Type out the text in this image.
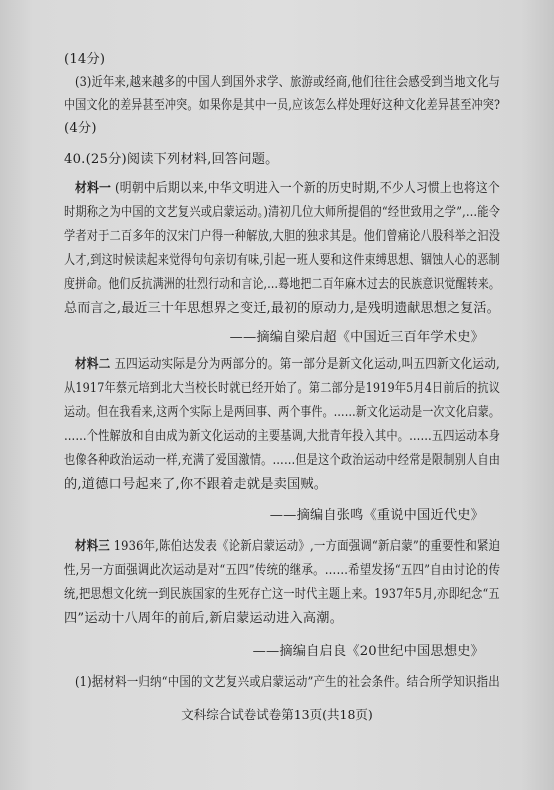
(14分)
(3)近年来,越来越多的中国人到国外求学、旅游或经商,他们往往会感受到当地文化与
中国文化的差异甚至冲突。如果你是其中一员,应该怎么样处理好这种文化差异甚至冲突?
(4分)
40.(25分)阅读下列材料,回答问题。
材料一 (明朝中后期以来,中华文明进入一个新的历史时期,不少人习惯上也将这个
时期称之为中国的文艺复兴或启蒙运动。)清初几位大师所提倡的“经世致用之学”,…能令
学者对于二百多年的汉宋门户得一种解放,大胆的独求其是。他们曾痛论八股科举之汩没
人才,到这时候读起来觉得句句亲切有味,引起一班人要和这件束缚思想、锢蚀人心的恶制
度拼命。他们反抗满洲的壮烈行动和言论,…蓦地把二百年麻木过去的民族意识觉醒转来。
总而言之,最近三十年思想界之变迁,最初的原动力,是残明遗献思想之复活。
——摘编自梁启超《中国近三百年学术史》
材料二 五四运动实际是分为两部分的。第一部分是新文化运动,叫五四新文化运动,
从1917年蔡元培到北大当校长时就已经开始了。第二部分是1919年5月4日前后的抗议
运动。但在我看来,这两个实际上是两回事、两个事件。……新文化运动是一次文化启蒙。
……个性解放和自由成为新文化运动的主要基调,大批青年投入其中。……五四运动本身
也像各种政治运动一样,充满了爱国激情。……但是这个政治运动中经常是限制别人自由
的,道德口号起来了,你不跟着走就是卖国贼。
——摘编自张鸣《重说中国近代史》
材料三 1936年,陈伯达发表《论新启蒙运动》,一方面强调“新启蒙”的重要性和紧迫
性,另一方面强调此次运动是对“五四”传统的继承。……希望发扬“五四”自由讨论的传
统,把思想文化统一到民族国家的生死存亡这一时代主题上来。1937年5月,亦即纪念“五
四”运动十八周年的前后,新启蒙运动进入高潮。
——摘编自启良《20世纪中国思想史》
(1)据材料一归纳“中国的文艺复兴或启蒙运动”产生的社会条件。结合所学知识指出
文科综合试卷试卷第13页(共18页)
